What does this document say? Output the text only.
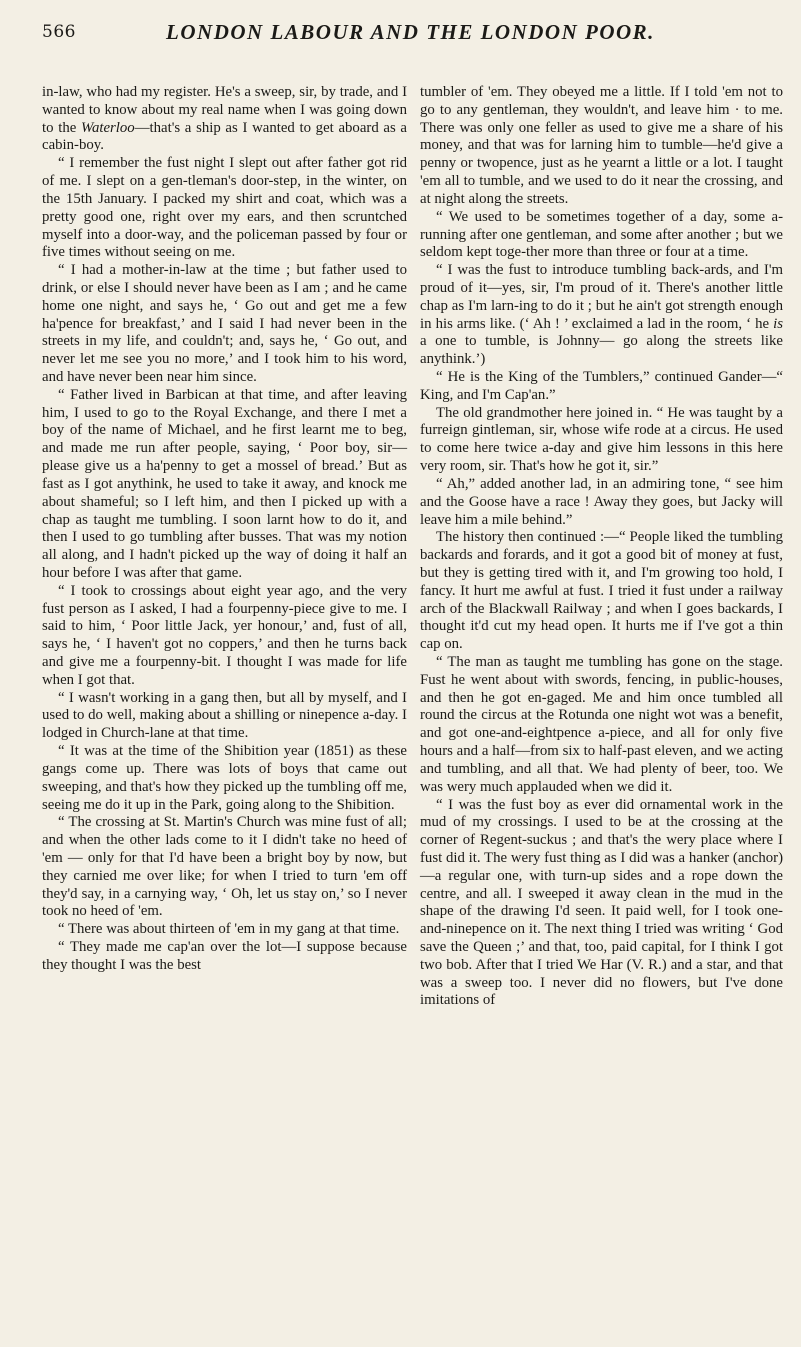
566	LONDON LABOUR AND THE LONDON POOR.

in-law, who had my register. He's a sweep, sir, by trade, and I wanted to know about my real name when I was going down to the Waterloo—that's a ship as I wanted to get aboard as a cabin-boy.

“ I remember the fust night I slept out after father got rid of me. I slept on a gen-tleman's door-step, in the winter, on the 15th January. I packed my shirt and coat, which was a pretty good one, right over my ears, and then scruntched myself into a door-way, and the policeman passed by four or five times without seeing on me.

“ I had a mother-in-law at the time ; but father used to drink, or else I should never have been as I am ; and he came home one night, and says he, ‘ Go out and get me a few ha'pence for breakfast,’ and I said I had never been in the streets in my life, and couldn't; and, says he, ‘ Go out, and never let me see you no more,’ and I took him to his word, and have never been near him since.

“ Father lived in Barbican at that time, and after leaving him, I used to go to the Royal Exchange, and there I met a boy of the name of Michael, and he first learnt me to beg, and made me run after people, saying, ‘ Poor boy, sir—please give us a ha'penny to get a mossel of bread.’ But as fast as I got anythink, he used to take it away, and knock me about shameful; so I left him, and then I picked up with a chap as taught me tumbling. I soon larnt how to do it, and then I used to go tumbling after busses. That was my notion all along, and I hadn't picked up the way of doing it half an hour before I was after that game.

“ I took to crossings about eight year ago, and the very fust person as I asked, I had a fourpenny-piece give to me. I said to him, ‘ Poor little Jack, yer honour,’ and, fust of all, says he, ‘ I haven't got no coppers,’ and then he turns back and give me a fourpenny-bit. I thought I was made for life when I got that.

“ I wasn't working in a gang then, but all by myself, and I used to do well, making about a shilling or ninepence a-day. I lodged in Church-lane at that time.

“ It was at the time of the Shibition year (1851) as these gangs come up. There was lots of boys that came out sweeping, and that's how they picked up the tumbling off me, seeing me do it up in the Park, going along to the Shibition.

“ The crossing at St. Martin's Church was mine fust of all; and when the other lads come to it I didn't take no heed of 'em — only for that I'd have been a bright boy by now, but they carnied me over like; for when I tried to turn 'em off they'd say, in a carnying way, ‘ Oh, let us stay on,’ so I never took no heed of 'em.

“ There was about thirteen of 'em in my gang at that time.

“ They made me cap'an over the lot—I suppose because they thought I was the best

tumbler of 'em. They obeyed me a little. If I told 'em not to go to any gentleman, they wouldn't, and leave him · to me. There was only one feller as used to give me a share of his money, and that was for larning him to tumble—he'd give a penny or twopence, just as he yearnt a little or a lot. I taught 'em all to tumble, and we used to do it near the crossing, and at night along the streets.

“ We used to be sometimes together of a day, some a-running after one gentleman, and some after another ; but we seldom kept toge-ther more than three or four at a time.

“ I was the fust to introduce tumbling back-ards, and I'm proud of it—yes, sir, I'm proud of it. There's another little chap as I'm larn-ing to do it ; but he ain't got strength enough in his arms like. (‘ Ah ! ’ exclaimed a lad in the room, ‘ he is a one to tumble, is Johnny— go along the streets like anythink.’)

“ He is the King of the Tumblers,” continued Gander—“ King, and I'm Cap'an.”

The old grandmother here joined in. “ He was taught by a furreign gintleman, sir, whose wife rode at a circus. He used to come here twice a-day and give him lessons in this here very room, sir. That's how he got it, sir.”

“ Ah,” added another lad, in an admiring tone, “ see him and the Goose have a race ! Away they goes, but Jacky will leave him a mile behind.”

The history then continued :—“ People liked the tumbling backards and forards, and it got a good bit of money at fust, but they is getting tired with it, and I'm growing too hold, I fancy. It hurt me awful at fust. I tried it fust under a railway arch of the Blackwall Railway ; and when I goes backards, I thought it'd cut my head open. It hurts me if I've got a thin cap on.

“ The man as taught me tumbling has gone on the stage. Fust he went about with swords, fencing, in public-houses, and then he got en-gaged. Me and him once tumbled all round the circus at the Rotunda one night wot was a benefit, and got one-and-eightpence a-piece, and all for only five hours and a half—from six to half-past eleven, and we acting and tumbling, and all that. We had plenty of beer, too. We was wery much applauded when we did it.

“ I was the fust boy as ever did ornamental work in the mud of my crossings. I used to be at the crossing at the corner of Regent-suckus ; and that's the wery place where I fust did it. The wery fust thing as I did was a hanker (anchor)—a regular one, with turn-up sides and a rope down the centre, and all. I sweeped it away clean in the mud in the shape of the drawing I'd seen. It paid well, for I took one-and-ninepence on it. The next thing I tried was writing ‘ God save the Queen ;’ and that, too, paid capital, for I think I got two bob. After that I tried We Har (V. R.) and a star, and that was a sweep too. I never did no flowers, but I've done imitations of
